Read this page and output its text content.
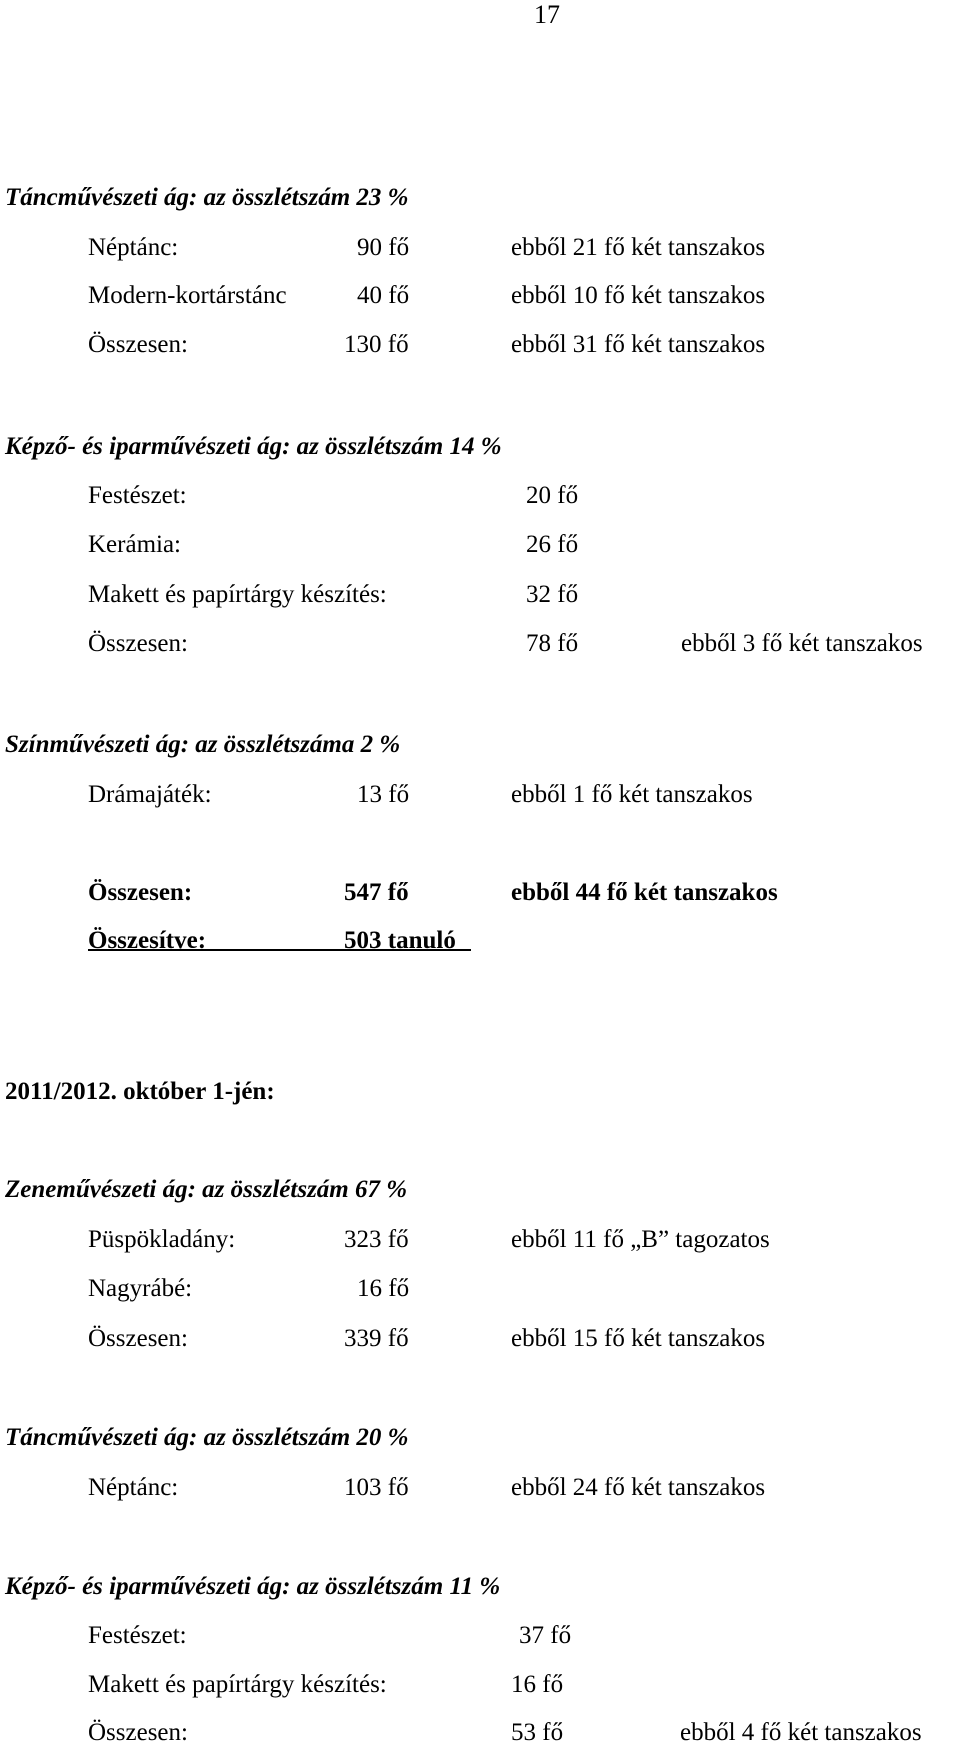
17
Táncművészeti ág: az összlétszám 23 %
Néptánc:	90 fő	ebből 21 fő két tanszakos
Modern-kortárstánc	40 fő	ebből 10 fő két tanszakos
Összesen:	130 fő	ebből 31 fő két tanszakos
Képző- és iparművészeti ág: az összlétszám 14 %
Festészet:	20 fő
Kerámia:	26 fő
Makett és papírtárgy készítés:	32 fő
Összesen:	78 fő	ebből 3 fő két tanszakos
Színművészeti ág: az összlétszáma 2 %
Drámajáték:	13 fő	ebből 1 fő két tanszakos
Összesen:	547 fő	ebből 44 fő két tanszakos
Összesítve:	503 tanuló
2011/2012. október 1-jén:
Zeneművészeti ág: az összlétszám 67 %
Püspökladány:	323 fő	ebből 11 fő „B” tagozatos
Nagyrábé:	16 fő
Összesen:	339 fő	ebből 15 fő két tanszakos
Táncművészeti ág: az összlétszám 20 %
Néptánc:	103 fő	ebből 24 fő két tanszakos
Képző- és iparművészeti ág: az összlétszám 11 %
Festészet:	37 fő
Makett és papírtárgy készítés:	16 fő
Összesen:	53 fő	ebből 4 fő két tanszakos
